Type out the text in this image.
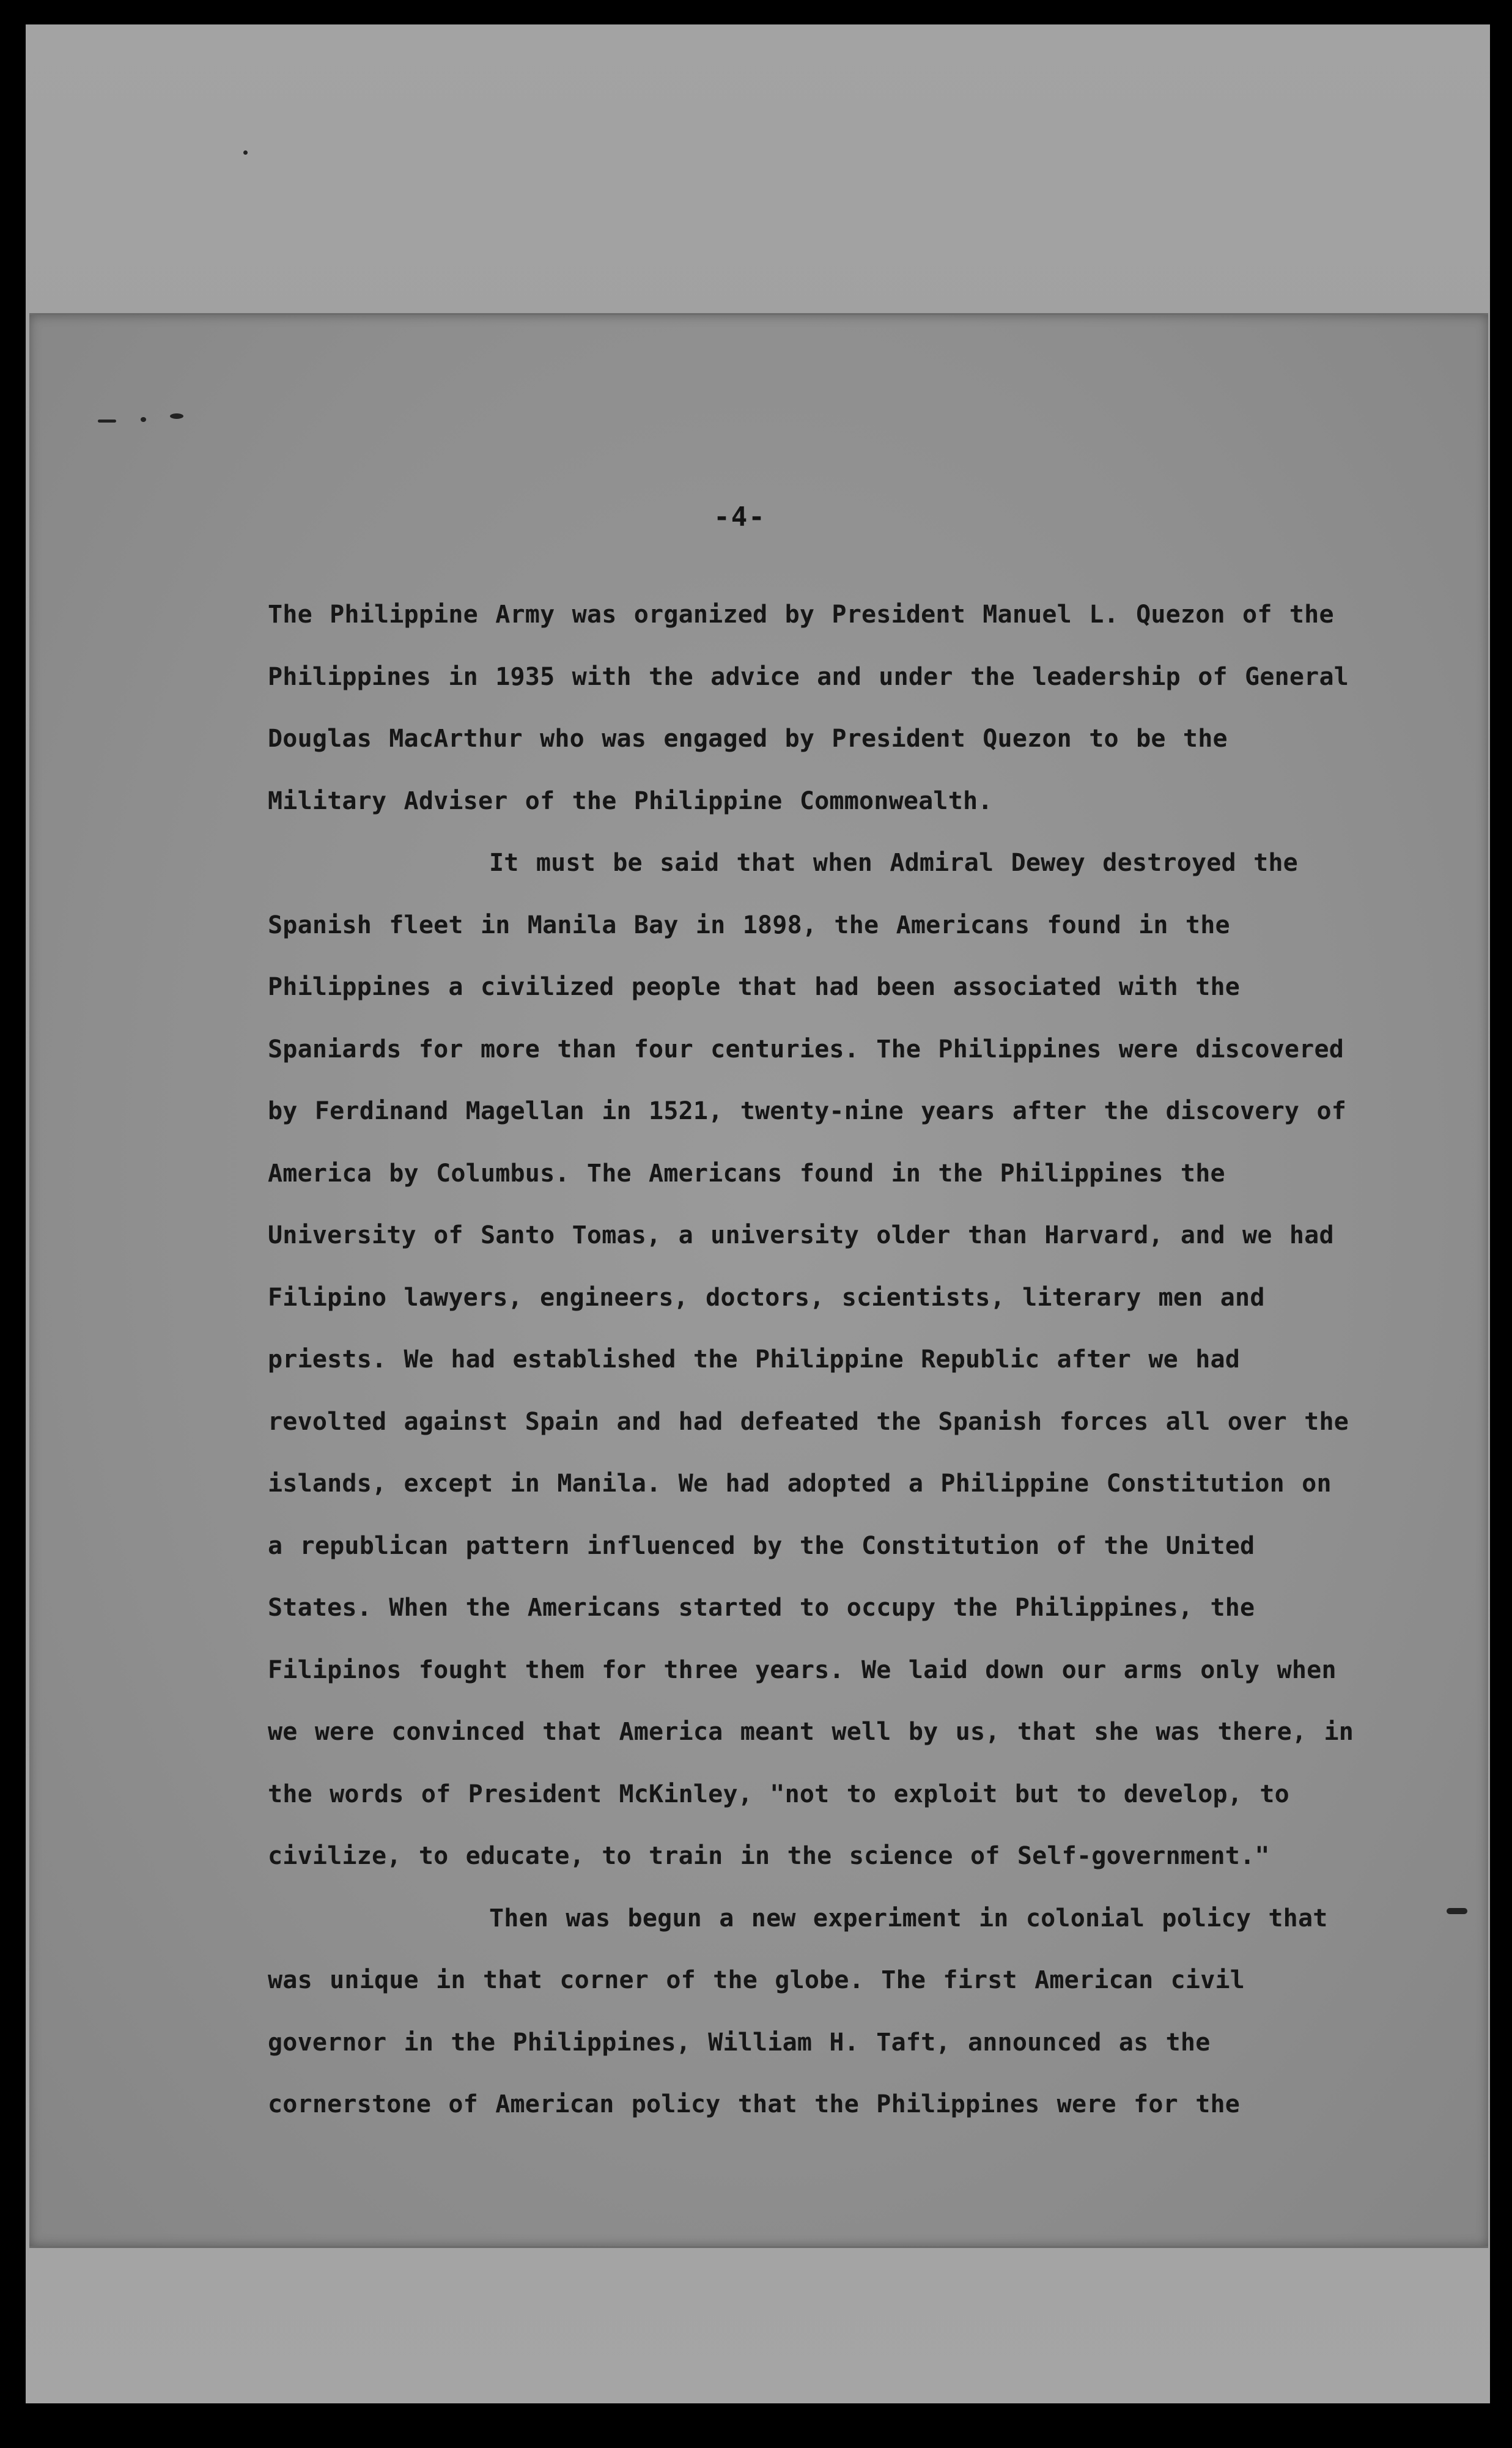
-4-

The Philippine Army was organized by President Manuel L. Quezon of the Philippines in 1935 with the advice and under the leadership of General Douglas MacArthur who was engaged by President Quezon to be the Military Adviser of the Philippine Commonwealth.

It must be said that when Admiral Dewey destroyed the Spanish fleet in Manila Bay in 1898, the Americans found in the Philippines a civilized people that had been associated with the Spaniards for more than four centuries. The Philippines were discovered by Ferdinand Magellan in 1521, twenty-nine years after the discovery of America by Columbus. The Americans found in the Philippines the University of Santo Tomas, a university older than Harvard, and we had Filipino lawyers, engineers, doctors, scientists, literary men and priests. We had established the Philippine Republic after we had revolted against Spain and had defeated the Spanish forces all over the islands, except in Manila. We had adopted a Philippine Constitution on a republican pattern influenced by the Constitution of the United States. When the Americans started to occupy the Philippines, the Filipinos fought them for three years. We laid down our arms only when we were convinced that America meant well by us, that she was there, in the words of President McKinley, "not to exploit but to develop, to civilize, to educate, to train in the science of Self-government."

Then was begun a new experiment in colonial policy that was unique in that corner of the globe. The first American civil governor in the Philippines, William H. Taft, announced as the cornerstone of American policy that the Philippines were for the
